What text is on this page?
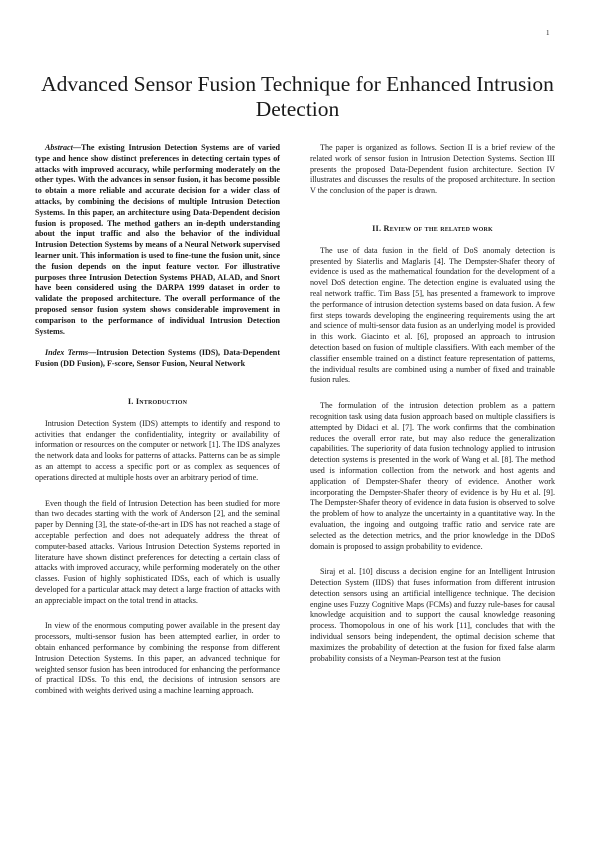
1
Advanced Sensor Fusion Technique for Enhanced Intrusion Detection

Abstract—The existing Intrusion Detection Systems are of varied type and hence show distinct preferences in detecting certain types of attacks with improved accuracy, while performing moderately on the other types. With the advances in sensor fusion, it has become possible to obtain a more reliable and accurate decision for a wider class of attacks, by combining the decisions of multiple Intrusion Detection Systems. In this paper, an architecture using Data-Dependent decision fusion is proposed. The method gathers an in-depth understanding about the input traffic and also the behavior of the individual Intrusion Detection Systems by means of a Neural Network supervised learner unit. This information is used to fine-tune the fusion unit, since the fusion depends on the input feature vector. For illustrative purposes three Intrusion Detection Systems PHAD, ALAD, and Snort have been considered using the DARPA 1999 dataset in order to validate the proposed architecture. The overall performance of the proposed sensor fusion system shows considerable improvement in comparison to the performance of individual Intrusion Detection Systems.

Index Terms—Intrusion Detection Systems (IDS), Data-Dependent Fusion (DD Fusion), F-score, Sensor Fusion, Neural Network

I. Introduction

Intrusion Detection System (IDS) attempts to identify and respond to activities that endanger the confidentiality, integrity or availability of information or resources on the computer or network [1]. The IDS analyzes the network data and looks for patterns of attacks. Patterns can be as simple as an attempt to access a specific port or as complex as sequences of operations directed at multiple hosts over an arbitrary period of time.

Even though the field of Intrusion Detection has been studied for more than two decades starting with the work of Anderson [2], and the seminal paper by Denning [3], the state-of-the-art in IDS has not reached a stage of acceptable perfection and does not adequately address the threat of computer-based attacks. Various Intrusion Detection Systems reported in literature have shown distinct preferences for detecting a certain class of attacks with improved accuracy, while performing moderately on the other classes. Fusion of highly sophisticated IDSs, each of which is usually developed for a particular attack may detect a large fraction of attacks with an appreciable impact on the total trend in attacks.

In view of the enormous computing power available in the present day processors, multi-sensor fusion has been attempted earlier, in order to obtain enhanced performance by combining the response from different Intrusion Detection Systems. In this paper, an advanced technique for weighted sensor fusion has been introduced for enhancing the performance of practical IDSs. To this end, the decisions of intrusion sensors are combined with weights derived using a machine learning approach.

The paper is organized as follows. Section II is a brief review of the related work of sensor fusion in Intrusion Detection Systems. Section III presents the proposed Data-Dependent fusion architecture. Section IV illustrates and discusses the results of the proposed architecture. In section V the conclusion of the paper is drawn.

II. Review of the related work

The use of data fusion in the field of DoS anomaly detection is presented by Siaterlis and Maglaris [4]. The Dempster-Shafer theory of evidence is used as the mathematical foundation for the development of a novel DoS detection engine. The detection engine is evaluated using the real network traffic. Tim Bass [5], has presented a framework to improve the performance of intrusion detection systems based on data fusion. A few first steps towards developing the engineering requirements using the art and science of multi-sensor data fusion as an underlying model is provided in this work. Giacinto et al. [6], proposed an approach to intrusion detection based on fusion of multiple classifiers. With each member of the classifier ensemble trained on a distinct feature representation of patterns, the individual results are combined using a number of fixed and trainable fusion rules.

The formulation of the intrusion detection problem as a pattern recognition task using data fusion approach based on multiple classifiers is attempted by Didaci et al. [7]. The work confirms that the combination reduces the overall error rate, but may also reduce the generalization capabilities. The superiority of data fusion technology applied to intrusion detection systems is presented in the work of Wang et al. [8]. The method used is information collection from the network and host agents and application of Dempster-Shafer theory of evidence. Another work incorporating the Dempster-Shafer theory of evidence is by Hu et al. [9]. The Dempster-Shafer theory of evidence in data fusion is observed to solve the problem of how to analyze the uncertainty in a quantitative way. In the evaluation, the ingoing and outgoing traffic ratio and service rate are selected as the detection metrics, and the prior knowledge in the DDoS domain is proposed to assign probability to evidence.

Siraj et al. [10] discuss a decision engine for an Intelligent Intrusion Detection System (IIDS) that fuses information from different intrusion detection sensors using an artificial intelligence technique. The decision engine uses Fuzzy Cognitive Maps (FCMs) and fuzzy rule-bases for causal knowledge acquisition and to support the causal knowledge reasoning process. Thomopolous in one of his work [11], concludes that with the individual sensors being independent, the optimal decision scheme that maximizes the probability of detection at the fusion for fixed false alarm probability consists of a Neyman-Pearson test at the fusion
